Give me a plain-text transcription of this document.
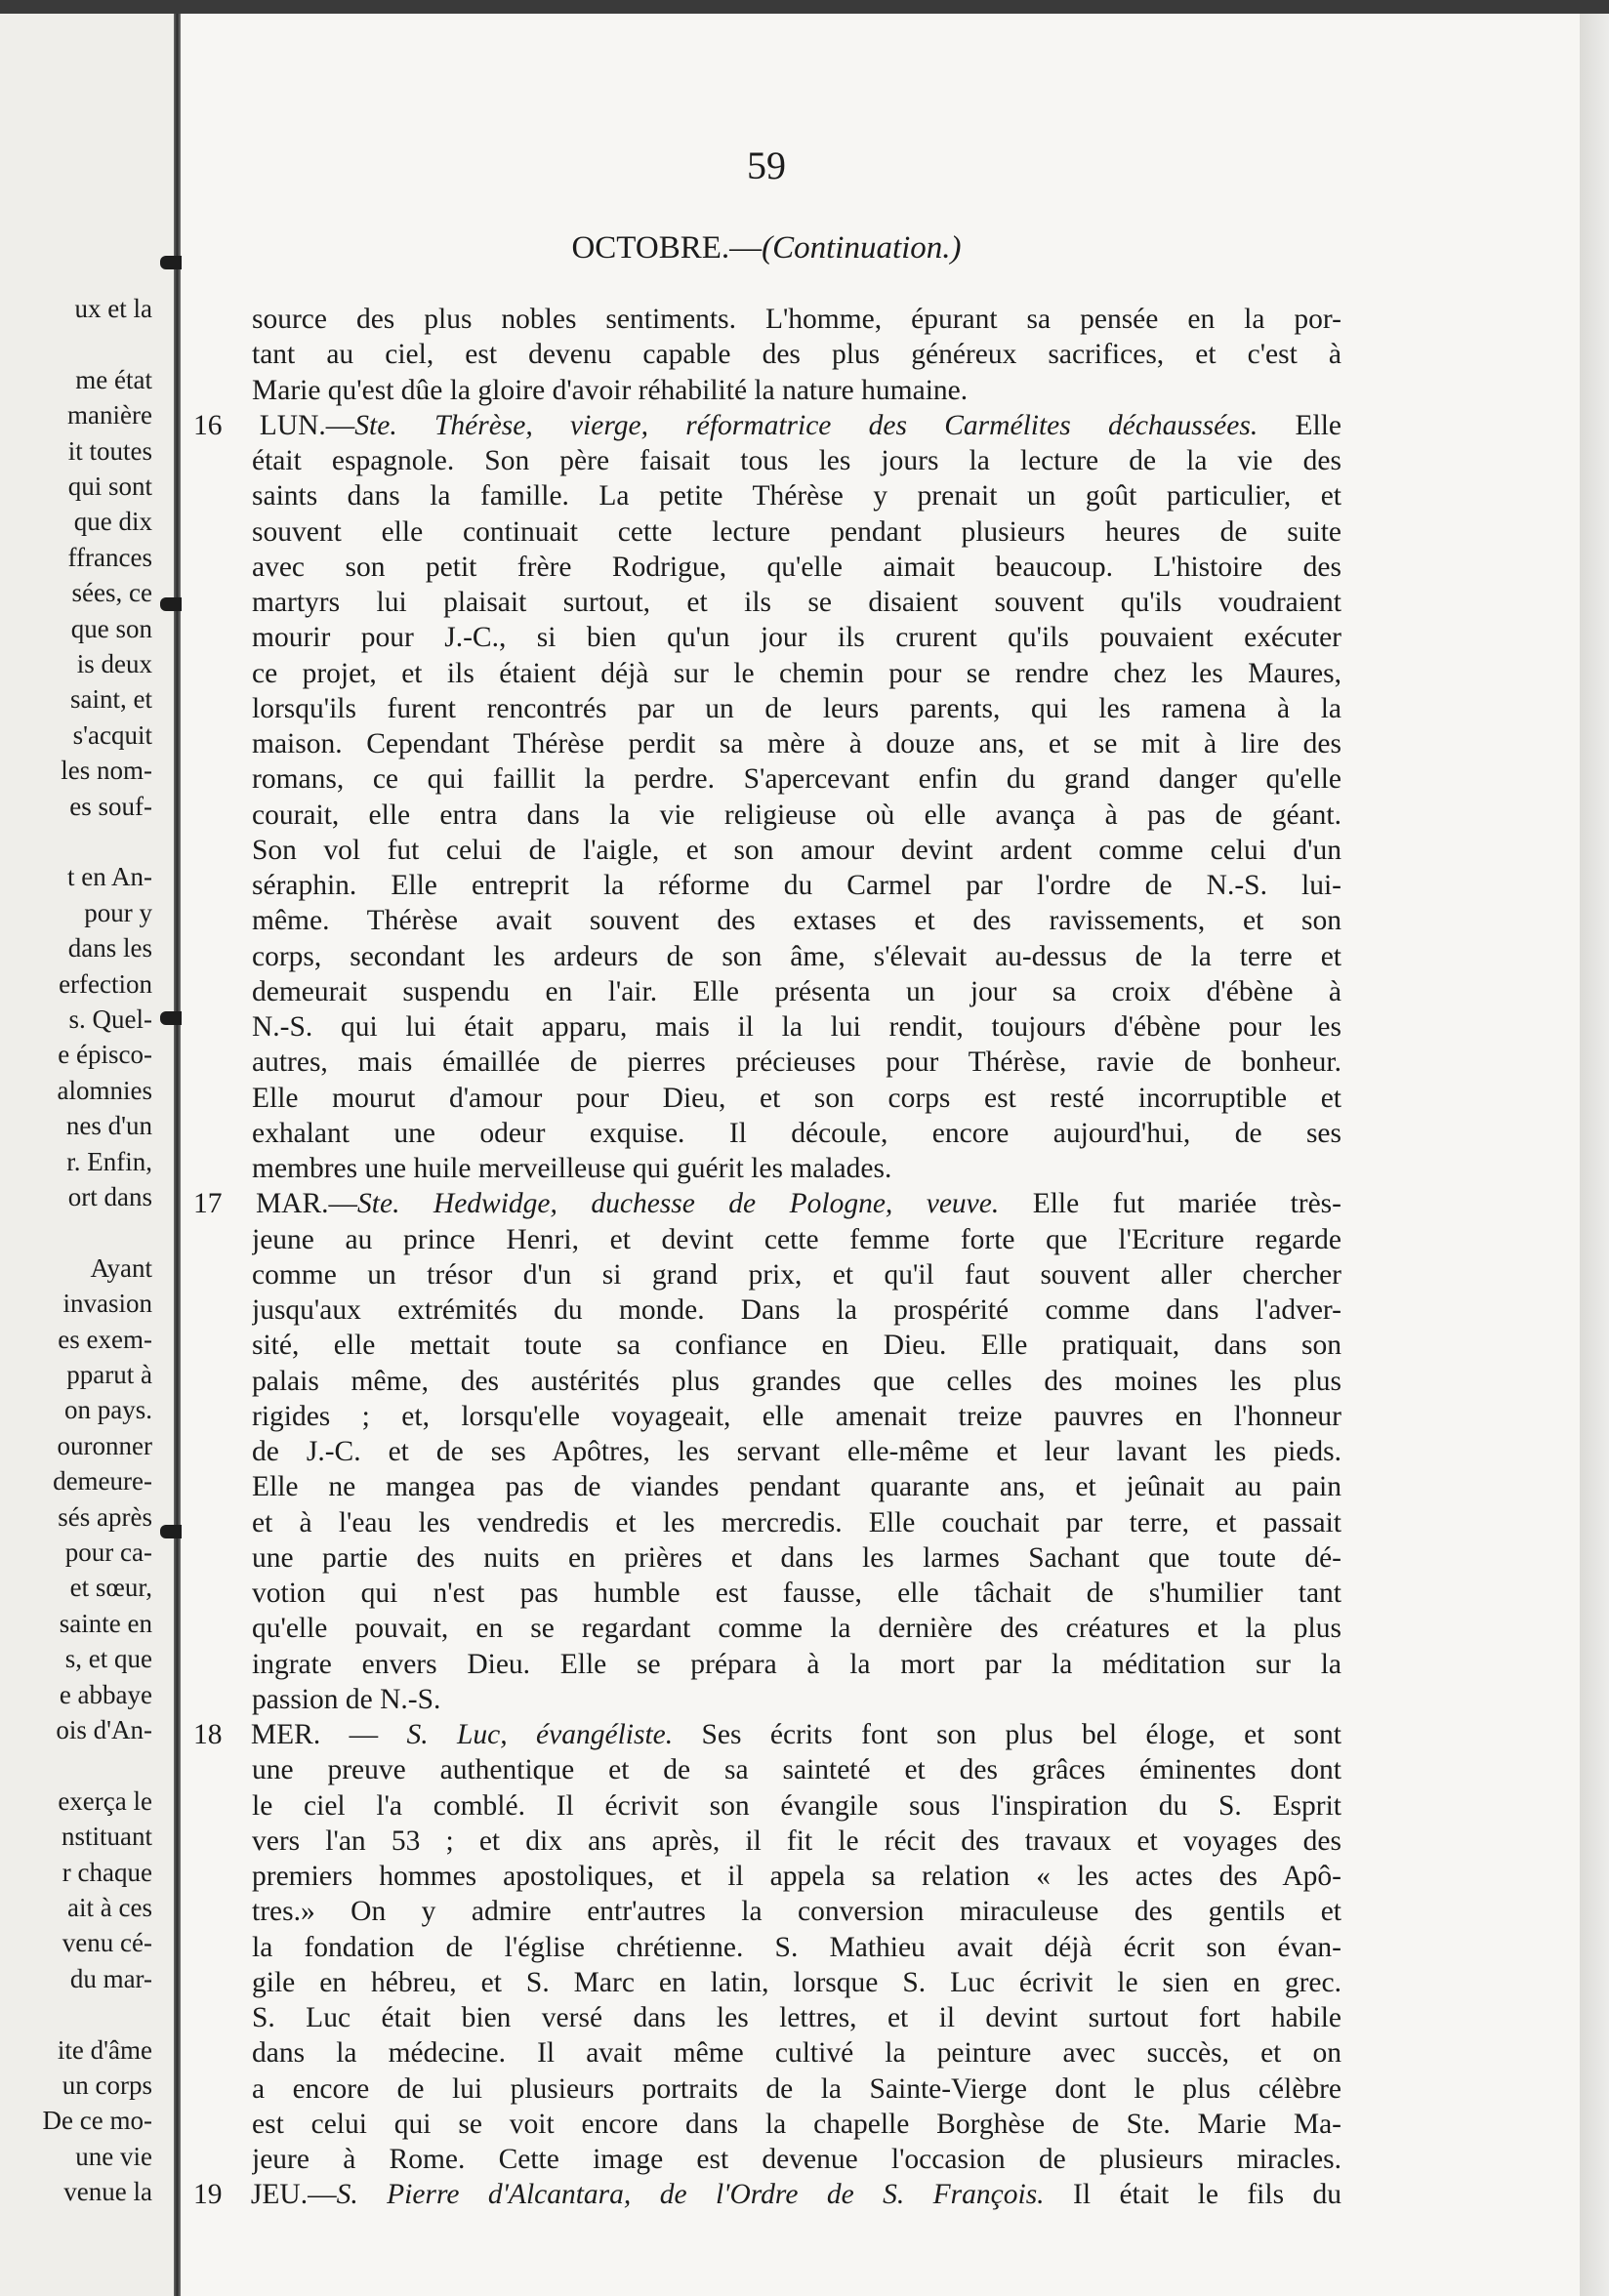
ux et la
me état
manière
it toutes
qui sont
que dix
ffrances
sées, ce
que son
is deux
saint, et
s'acquit
les nom-
es souf-
t en An-
pour y
dans les
erfection
s. Quel-
e épisco-
alomnies
nes d'un
r. Enfin,
ort dans
Ayant
invasion
es exem-
pparut à
on pays.
ouronner
demeure-
sés après
pour ca-
et sœur,
sainte en
s, et que
e abbaye
ois d'An-
exerça le
nstituant
r chaque
ait à ces
venu cé-
du mar-
ite d'âme
un corps
De ce mo-
une vie
venue la
59
OCTOBRE.—(Continuation.)
source des plus nobles sentiments. L'homme, épurant sa pensée en la por-
tant au ciel, est devenu capable des plus généreux sacrifices, et c'est à
Marie qu'est dûe la gloire d'avoir réhabilité la nature humaine.
16 LUN.—Ste. Thérèse, vierge, réformatrice des Carmélites déchaussées. Elle
était espagnole. Son père faisait tous les jours la lecture de la vie des
saints dans la famille. La petite Thérèse y prenait un goût particulier, et
souvent elle continuait cette lecture pendant plusieurs heures de suite
avec son petit frère Rodrigue, qu'elle aimait beaucoup. L'histoire des
martyrs lui plaisait surtout, et ils se disaient souvent qu'ils voudraient
mourir pour J.-C., si bien qu'un jour ils crurent qu'ils pouvaient exécuter
ce projet, et ils étaient déjà sur le chemin pour se rendre chez les Maures,
lorsqu'ils furent rencontrés par un de leurs parents, qui les ramena à la
maison. Cependant Thérèse perdit sa mère à douze ans, et se mit à lire des
romans, ce qui faillit la perdre. S'apercevant enfin du grand danger qu'elle
courait, elle entra dans la vie religieuse où elle avança à pas de géant.
Son vol fut celui de l'aigle, et son amour devint ardent comme celui d'un
séraphin. Elle entreprit la réforme du Carmel par l'ordre de N.-S. lui-
même. Thérèse avait souvent des extases et des ravissements, et son
corps, secondant les ardeurs de son âme, s'élevait au-dessus de la terre et
demeurait suspendu en l'air. Elle présenta un jour sa croix d'ébène à
N.-S. qui lui était apparu, mais il la lui rendit, toujours d'ébène pour les
autres, mais émaillée de pierres précieuses pour Thérèse, ravie de bonheur.
Elle mourut d'amour pour Dieu, et son corps est resté incorruptible et
exhalant une odeur exquise. Il découle, encore aujourd'hui, de ses
membres une huile merveilleuse qui guérit les malades.
17 MAR.—Ste. Hedwidge, duchesse de Pologne, veuve. Elle fut mariée très-
jeune au prince Henri, et devint cette femme forte que l'Ecriture regarde
comme un trésor d'un si grand prix, et qu'il faut souvent aller chercher
jusqu'aux extrémités du monde. Dans la prospérité comme dans l'adver-
sité, elle mettait toute sa confiance en Dieu. Elle pratiquait, dans son
palais même, des austérités plus grandes que celles des moines les plus
rigides ; et, lorsqu'elle voyageait, elle amenait treize pauvres en l'honneur
de J.-C. et de ses Apôtres, les servant elle-même et leur lavant les pieds.
Elle ne mangea pas de viandes pendant quarante ans, et jeûnait au pain
et à l'eau les vendredis et les mercredis. Elle couchait par terre, et passait
une partie des nuits en prières et dans les larmes Sachant que toute dé-
votion qui n'est pas humble est fausse, elle tâchait de s'humilier tant
qu'elle pouvait, en se regardant comme la dernière des créatures et la plus
ingrate envers Dieu. Elle se prépara à la mort par la méditation sur la
passion de N.-S.
18 MER. — S. Luc, évangéliste. Ses écrits font son plus bel éloge, et sont
une preuve authentique et de sa sainteté et des grâces éminentes dont
le ciel l'a comblé. Il écrivit son évangile sous l'inspiration du S. Esprit
vers l'an 53 ; et dix ans après, il fit le récit des travaux et voyages des
premiers hommes apostoliques, et il appela sa relation « les actes des Apô-
tres.» On y admire entr'autres la conversion miraculeuse des gentils et
la fondation de l'église chrétienne. S. Mathieu avait déjà écrit son évan-
gile en hébreu, et S. Marc en latin, lorsque S. Luc écrivit le sien en grec.
S. Luc était bien versé dans les lettres, et il devint surtout fort habile
dans la médecine. Il avait même cultivé la peinture avec succès, et on
a encore de lui plusieurs portraits de la Sainte-Vierge dont le plus célèbre
est celui qui se voit encore dans la chapelle Borghèse de Ste. Marie Ma-
jeure à Rome. Cette image est devenue l'occasion de plusieurs miracles.
19 JEU.—S. Pierre d'Alcantara, de l'Ordre de S. François. Il était le fils du
